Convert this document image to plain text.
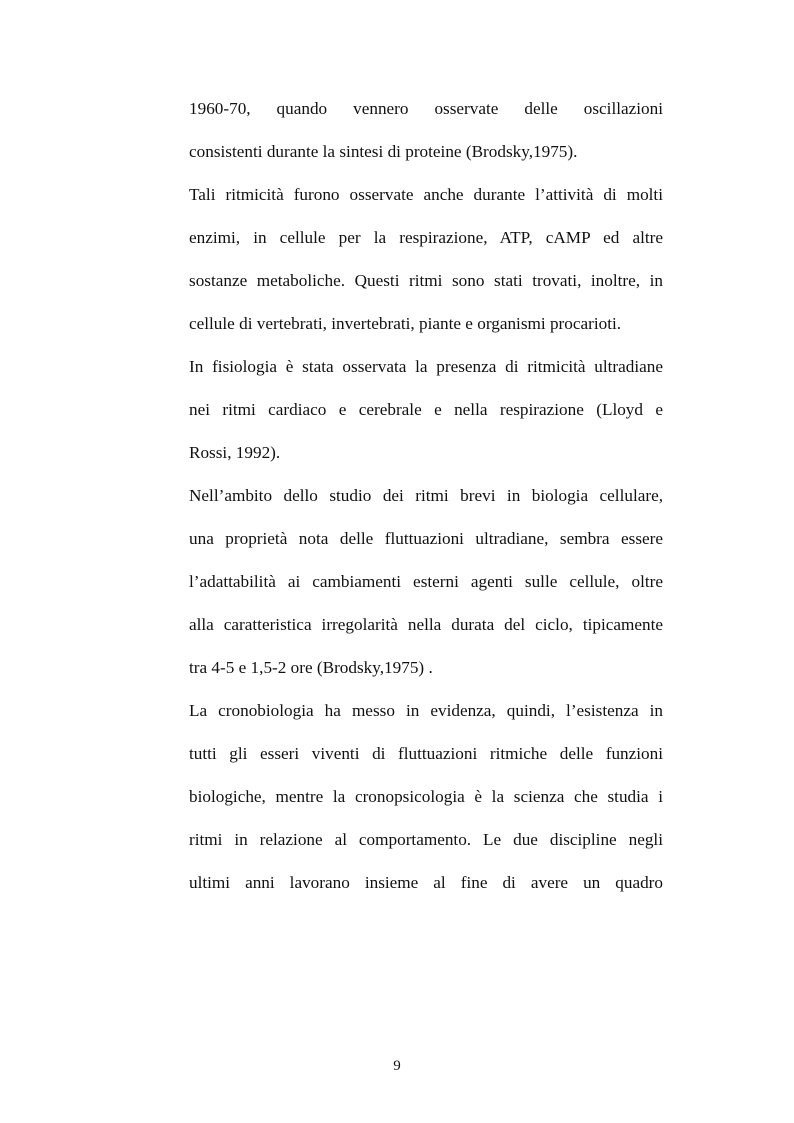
1960-70, quando vennero osservate delle oscillazioni
consistenti durante la sintesi di proteine (Brodsky,1975).
Tali ritmicità furono osservate anche durante l’attività di molti
enzimi, in cellule per la respirazione, ATP, cAMP ed altre
sostanze metaboliche. Questi ritmi sono stati trovati, inoltre, in
cellule di vertebrati, invertebrati, piante e organismi procarioti.
In fisiologia è stata osservata la presenza di ritmicità ultradiane
nei ritmi cardiaco e cerebrale e nella respirazione (Lloyd e
Rossi, 1992).
Nell’ambito dello studio dei ritmi brevi in biologia cellulare,
una proprietà nota delle fluttuazioni ultradiane, sembra essere
l’adattabilità ai cambiamenti esterni agenti sulle cellule, oltre
alla caratteristica irregolarità nella durata del ciclo, tipicamente
tra 4-5 e 1,5-2 ore (Brodsky,1975) .
La cronobiologia ha messo in evidenza, quindi, l’esistenza in
tutti gli esseri viventi di fluttuazioni ritmiche delle funzioni
biologiche, mentre la cronopsicologia è la scienza che studia i
ritmi in relazione al comportamento. Le due discipline negli
ultimi anni lavorano insieme al fine di avere un quadro
9
